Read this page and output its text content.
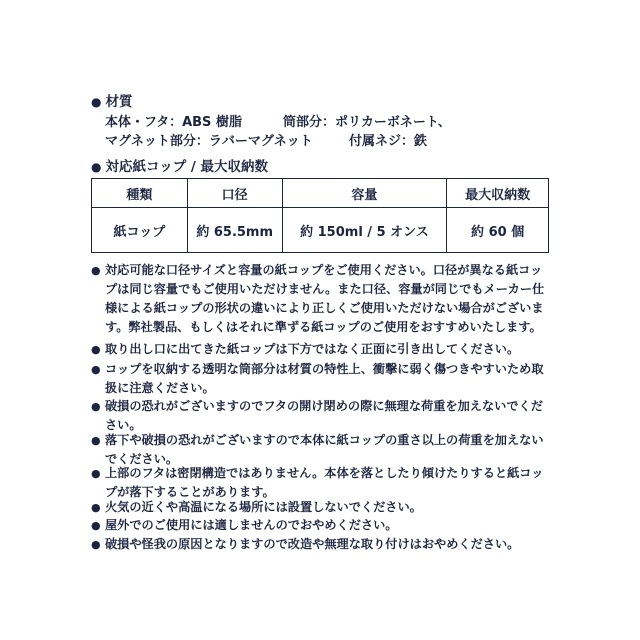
● 材質
本体・フタ：ABS 樹脂	筒部分：ポリカーボネート、
マグネット部分：ラバーマグネット	付属ネジ：鉄
● 対応紙コップ / 最大収納数
種類	口径	容量	最大収納数
紙コップ	約 65.5mm	約 150ml / 5 オンス	約 60 個
● 対応可能な口径サイズと容量の紙コップをご使用ください。口径が異なる紙コップは同じ容量でもご使用いただけません。また口径、容量が同じでもメーカー仕様による紙コップの形状の違いにより正しくご使用いただけない場合がございます。弊社製品、もしくはそれに準ずる紙コップのご使用をおすすめいたします。
● 取り出し口に出てきた紙コップは下方ではなく正面に引き出してください。
● コップを収納する透明な筒部分は材質の特性上、衝撃に弱く傷つきやすいため取扱に注意ください。
● 破損の恐れがございますのでフタの開け閉めの際に無理な荷重を加えないでください。
● 落下や破損の恐れがございますので本体に紙コップの重さ以上の荷重を加えないでください。
● 上部のフタは密閉構造ではありません。本体を落としたり傾けたりすると紙コップが落下することがあります。
● 火気の近くや高温になる場所には設置しないでください。
● 屋外でのご使用には適しませんのでおやめください。
● 破損や怪我の原因となりますので改造や無理な取り付けはおやめください。
